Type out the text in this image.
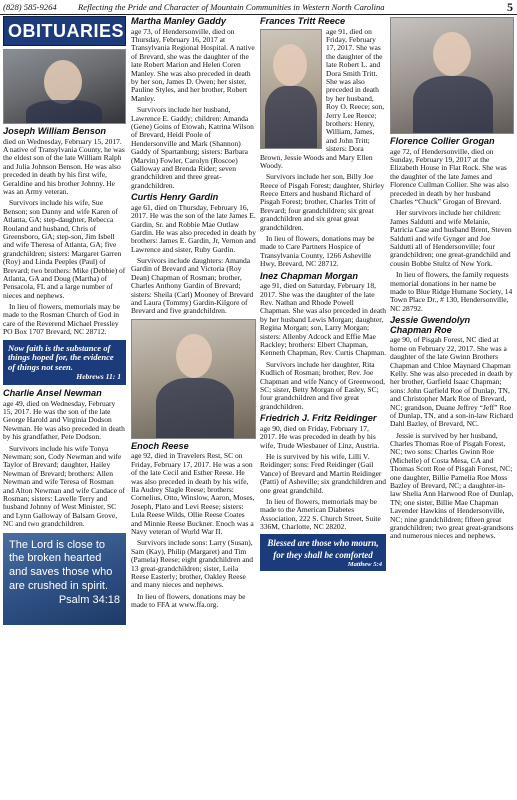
(828) 585-9264 Reflecting the Pride and Character of Mountain Communities in Western North Carolina	5
OBITUARIES
Joseph William Benson

died on Wednesday, February 15, 2017. A native of Transylvania County, he was the eldest son of the late William Ralph and Julia Johnson Benson. He was also preceded in death by his first wife, Geraldine and his brother Johnny. He was an Army veteran.

Survivors include his wife, Sue Benson; son Danny and wife Karen of Atlanta, GA; step-daughter, Rebecca Rouland and husband, Chris of Greensboro, GA; step-son, Jim Isbell and wife Theresa of Atlanta, GA; five grandchildren; sisters: Margaret Garren (Roy) and Linda Peeples (Paul) of Brevard; two brothers: Mike (Debbie) of Atlanta, GA and Doug (Martha) of Pensacola, FL and a large number of nieces and nephews.

In lieu of flowers, memorials may be made to the Rosman Church of God in care of the Reverend Michael Pressley PO Box 1707 Brevard, NC 28712.

Now faith is the substance of things hoped for, the evidence of things not seen.
Hebrews 11: 1
Charlie Ansel Newman

age 49, died on Wednesday, February 15, 2017. He was the son of the late George Harold and Virginia Dodson Newman. He was also preceded in death by his grandfather, Pete Dodson.

Survivors include his wife Tonya Newman; son, Cody Newman and wife Taylor of Brevard; daughter, Hailey Newman of Brevard; brothers: Allen Newman and wife Teresa of Rosman and Alton Newman and wife Candace of Rosman; sisters: Lavelle Terry and husband Johnny of West Minister, SC and Lynn Galloway of Balsam Grove, NC and two grandchildren.

The Lord is close to the broken hearted and saves those who are crushed in spirit.
Psalm 34:18
Martha Manley Gaddy

age 73, of Hendersonville, died on Thursday, February 16, 2017 at Transylvania Regional Hospital. A native of Brevard, she was the daughter of the late Robert Marion and Helen Coren Manley. She was also preceded in death by her son, James D. Owen; her sister, Pauline Styles, and her brother, Robert Manley.

Survivors include her husband, Lawrence E. Gaddy; children: Amanda (Gene) Goins of Etowah, Katrina Wilson of Brevard, Heidi Poole of Hendersonville and Mark (Shannon) Gaddy of Spartanburg; sisters: Barbara (Marvin) Fowler, Carolyn (Roscoe) Galloway and Brenda Rider; seven grandchildren and three great-grandchildren.

Curtis Henry Gardin

age 61, died on Thursday, February 16, 2017. He was the son of the late James E. Gardin, Sr. and Robbie Mae Outlaw Gardin. He was also preceded in death by brothers: James E. Gardin, Jr, Vernon and Lawrence and sister, Ruby Gardin.

Survivors include daughters: Amanda Gardin of Brevard and Victoria (Roy Dean) Chapman of Rosman; brother, Charles Anthony Gardin of Brevard; sisters: Sheila (Carl) Mooney of Brevard and Laura (Tommy) Gardin-Kilgore of Brevard and five grandchildren.

Enoch Reese

age 92, died in Travelers Rest, SC on Friday, February 17, 2017. He was a son of the late Cecil and Esther Reese. He was also preceded in death by his wife, Ila Audrey Slagle Reese; brothers: Cornelius, Otto, Winslow, Aaron, Moses, Joseph, Plato and Levi Reese; sisters: Lula Reese Wilds, Ollie Reese Coates and Minnie Reese Buckner. Enoch was a Navy veteran of World War II.

Survivors include sons: Larry (Susan), Sam (Kay), Philip (Margaret) and Tim (Pamela) Reese; eight grandchildren and 13 great-grandchildren; sister, Leila Reese Easterly; brother, Oakley Reese and many nieces and nephews.

In lieu of flowers, donations may be made to FFA at www.ffa.org.

Frances Tritt Reece

age 91, died on Friday, February 17, 2017. She was the daughter of the late Robert L. and Dora Smith Tritt. She was also preceded in death by her husband, Roy O. Reece; son, Jerry Lee Reece; brothers: Henry, William, James, and John Tritt; sisters: Dora Brown, Jessie Woods and Mary Ellen Woody.

Survivors include her son, Billy Joe Reece of Pisgah Forest; daughter, Shirley Reece Etters and husband Richard of Pisgah Forest; brother, Charles Tritt of Brevard; four grandchildren; six great grandchildren and six great great grandchildren.

In lieu of flowers, donations may be made to Care Partners Hospice of Transylvania County, 1266 Asheville Hwy, Brevard, NC 28712.

Inez Chapman Morgan

age 91, died on Saturday, February 18, 2017. She was the daughter of the late Rev. Nathan and Rhode Powell Chapman. She was also preceded in death by her husband Lewis Morgan; daughter, Regina Morgan; son, Larry Morgan; sisters: Allenby Adcock and Effie Mae Rackley; brothers: Elbert Chapman, Kenneth Chapman, Rev. Curtis Chapman.

Survivors include her daughter, Rita Kudlich of Rosman; brother, Rev. Joe Chapman and wife Nancy of Greenwood, SC; sister, Betty Morgan of Easley, SC; four grandchildren and five great grandchildren.

Friedrich J. Fritz Reidinger

age 90, died on Friday, February 17, 2017. He was preceded in death by his wife, Trude Wiesbauer of Linz, Austria.

He is survived by his wife, Lilli V. Reidinger; sons: Fred Reidinger (Gail Vance) of Brevard and Martin Reidinger (Patti) of Asheville; six grandchildren and one great grandchild.

In lieu of flowers, memorials may be made to the American Diabetes Association, 222 S. Church Street, Suite 336M, Charlotte, NC 28202.

Blessed are those who mourn, for they shall be comforted
Matthew 5:4
Florence Collier Grogan

age 72, of Hendersonville, died on Sunday, February 19, 2017 at the Elizabeth House in Flat Rock. She was the daughter of the late James and Florence Cullman Collier. She was also preceded in death by her husband Charles “Chuck” Grogan of Brevard.

Her survivors include her children: James Saldutti and wife Melanie, Patricia Case and husband Brent, Steven Saldutti and wife Gynger and Joe Saldutti all of Hendersonville; four grandchildren; one great-grandchild and cousin Bobbe Stultz of New York.

In lieu of flowers, the family requests memorial donations in her name be made to Blue Ridge Humane Society, 14 Town Place Dr., # 130, Hendersonville, NC 28792.

Jessie Gwendolyn Chapman Roe

age 90, of Pisgah Forest, NC died at home on February 22, 2017. She was a daughter of the late Gwinn Brothers Chapman and Chloe Maynard Chapman Kelly. She was also preceded in death by her brother, Garfield Isaac Chapman; sons: John Garfield Roe of Dunlap, TN, and Christopher Mark Roe of Brevard, NC; grandson, Duane Jeffrey “Jeff” Roe of Dunlap, TN, and a son-in-law Richard Dahl Bazley, of Brevard, NC.

Jessie is survived by her husband, Charles Thomas Roe of Pisgah Forest, NC; two sons: Charles Gwinn Roe (Michelle) of Costa Mesa, CA and Thomas Scott Roe of Pisgah Forest, NC; one daughter, Billie Pamelia Roe Moss Bazley of Brevard, NC; a daughter-in-law Shelia Ann Harwood Roe of Dunlap, TN; one sister, Billie Mae Chapman Lavender Hawkins of Hendersonville, NC; nine grandchildren; fifteen great grandchildren; two great great-grandsons and numerous nieces and nephews.
